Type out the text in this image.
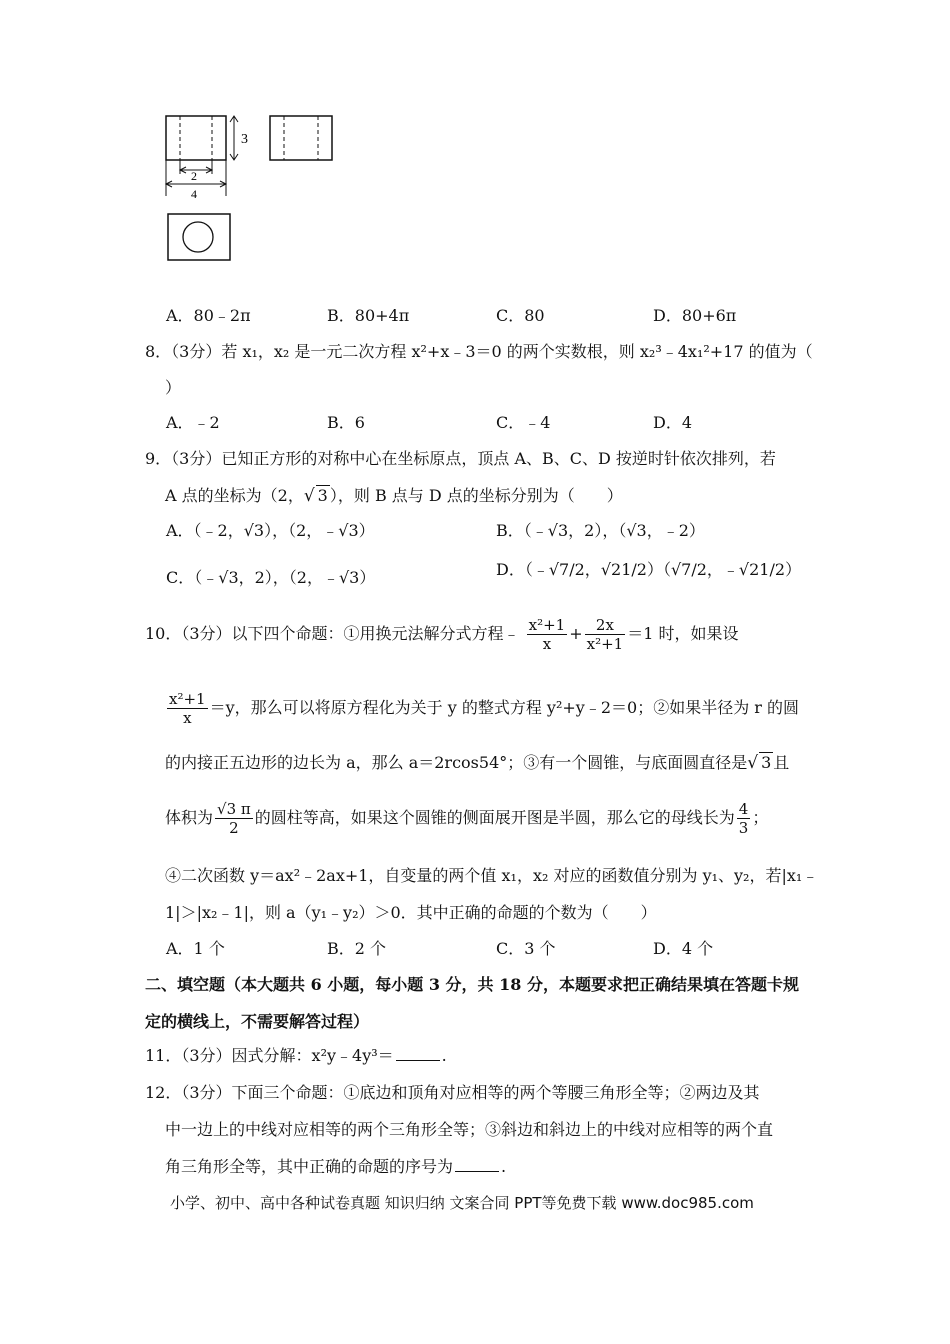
3
2
4
A．80﹣2π	B．80+4π	C．80	D．80+6π
8．（3分）若 x₁，x₂ 是一元二次方程 x²+x﹣3＝0 的两个实数根，则 x₂³﹣4x₁²+17 的值为（
）
A．﹣2	B．6	C．﹣4	D．4
9．（3分）已知正方形的对称中心在坐标原点，顶点 A、B、C、D 按逆时针依次排列，若
A 点的坐标为（2，√ 3 ），则 B 点与 D 点的坐标分别为（　　）
A．（﹣2，√3），（2，﹣√3）	B．（﹣√3，2），（√3，﹣2）
C．（﹣√3，2），（2，﹣√3）	D．（﹣√7/2，√21/2）（√7/2，﹣√21/2）
10．（3分）以下四个命题：①用换元法解分式方程﹣ $\frac{\text{x²+1}}{x} + \frac{2x}{\text{x²+1}} =1$ 时，如果设
$\frac{\text{x²+1}}{x} =y$，那么可以将原方程化为关于 y 的整式方程 y²+y﹣2＝0；②如果半径为 r 的圆
的内接正五边形的边长为 a，那么 a＝2rcos54°；③有一个圆锥，与底面圆直径是√ 3 且
体积为 $\frac{√3 \pi}{2}$ 的圆柱等高，如果这个圆锥的侧面展开图是半圆，那么它的母线长为 $\frac{4}{3}$ ；
④二次函数 y＝ax²﹣2ax+1，自变量的两个值 x₁，x₂ 对应的函数值分别为 y₁、y₂，若|x₁﹣
1|＞|x₂﹣1|，则 a（y₁﹣y₂）＞0．其中正确的命题的个数为（　　）
A．1 个	B．2 个	C．3 个	D．4 个
二、填空题（本大题共 6 小题，每小题 3 分，共 18 分，本题要求把正确结果填在答题卡规
定的横线上，不需要解答过程）
11．（3分）因式分解：x²y﹣4y³＝	.
12．（3分）下面三个命题：①底边和顶角对应相等的两个等腰三角形全等；②两边及其
中一边上的中线对应相等的两个三角形全等；③斜边和斜边上的中线对应相等的两个直
角三角形全等，其中正确的命题的序号为	.
小学、初中、高中各种试卷真题 知识归纳 文案合同 PPT等免费下载 www.doc985.com
